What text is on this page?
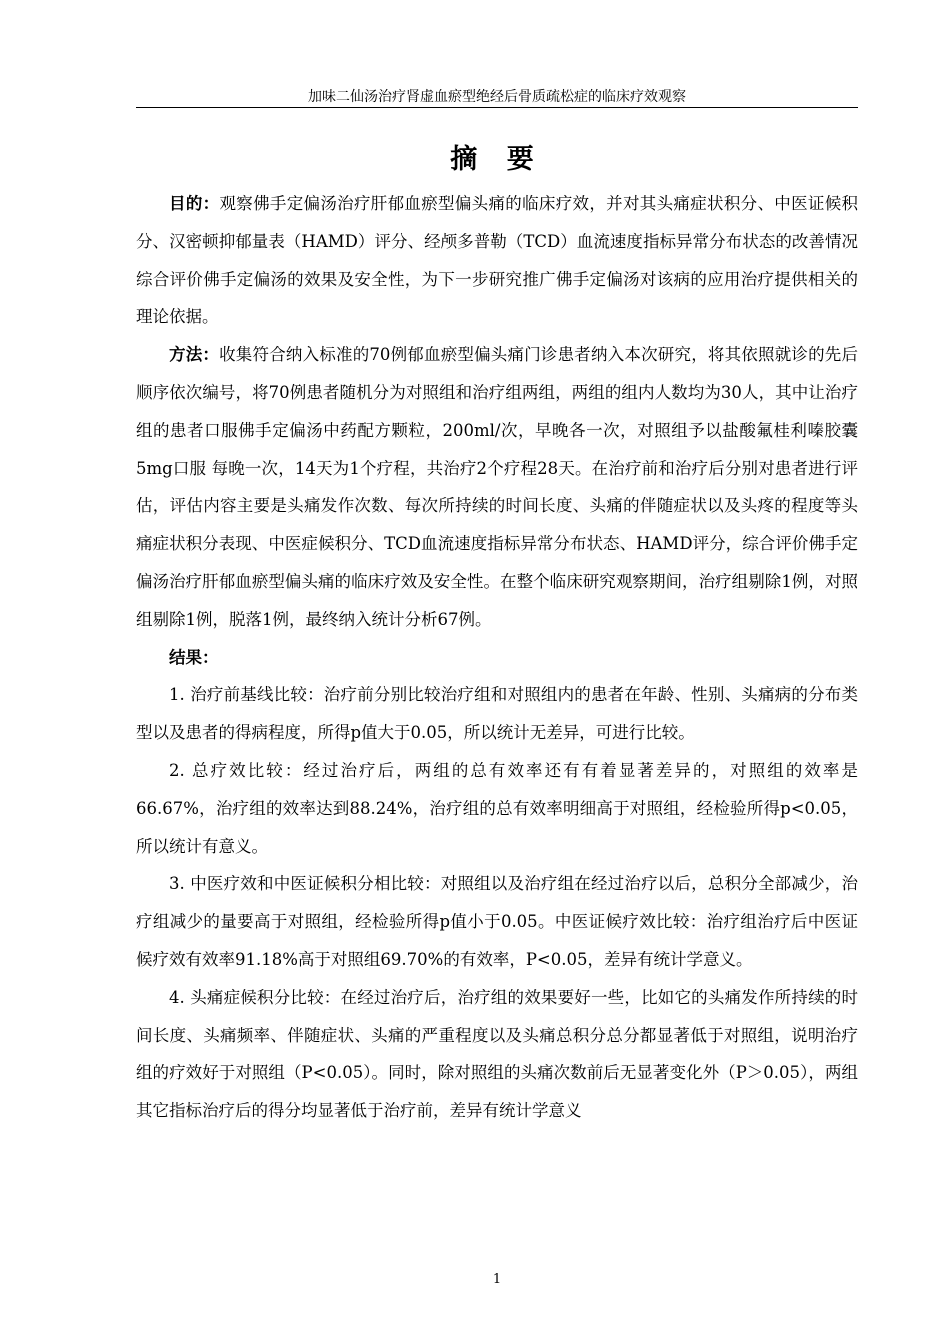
加味二仙汤治疗肾虚血瘀型绝经后骨质疏松症的临床疗效观察
摘 要

目的：观察佛手定偏汤治疗肝郁血瘀型偏头痛的临床疗效，并对其头痛症状积分、中医证候积分、汉密顿抑郁量表（HAMD）评分、经颅多普勒（TCD）血流速度指标异常分布状态的改善情况综合评价佛手定偏汤的效果及安全性，为下一步研究推广佛手定偏汤对该病的应用治疗提供相关的理论依据。

方法：收集符合纳入标准的70例郁血瘀型偏头痛门诊患者纳入本次研究，将其依照就诊的先后顺序依次编号，将70例患者随机分为对照组和治疗组两组，两组的组内人数均为30人，其中让治疗组的患者口服佛手定偏汤中药配方颗粒，200ml/次，早晚各一次，对照组予以盐酸氟桂利嗪胶囊5mg口服 每晚一次，14天为1个疗程，共治疗2个疗程28天。在治疗前和治疗后分别对患者进行评估，评估内容主要是头痛发作次数、每次所持续的时间长度、头痛的伴随症状以及头疼的程度等头痛症状积分表现、中医症候积分、TCD血流速度指标异常分布状态、HAMD评分，综合评价佛手定偏汤治疗肝郁血瘀型偏头痛的临床疗效及安全性。在整个临床研究观察期间，治疗组剔除1例，对照组剔除1例，脱落1例，最终纳入统计分析67例。

结果：

1. 治疗前基线比较：治疗前分别比较治疗组和对照组内的患者在年龄、性别、头痛病的分布类型以及患者的得病程度，所得p值大于0.05，所以统计无差异，可进行比较。

2. 总疗效比较：经过治疗后，两组的总有效率还有有着显著差异的，对照组的效率是66.67%，治疗组的效率达到88.24%，治疗组的总有效率明细高于对照组，经检验所得p<0.05，所以统计有意义。

3. 中医疗效和中医证候积分相比较：对照组以及治疗组在经过治疗以后，总积分全部减少，治疗组减少的量要高于对照组，经检验所得p值小于0.05。中医证候疗效比较：治疗组治疗后中医证候疗效有效率91.18%高于对照组69.70%的有效率，P<0.05，差异有统计学意义。

4. 头痛症候积分比较：在经过治疗后，治疗组的效果要好一些，比如它的头痛发作所持续的时间长度、头痛频率、伴随症状、头痛的严重程度以及头痛总积分总分都显著低于对照组，说明治疗组的疗效好于对照组（P<0.05）。同时，除对照组的头痛次数前后无显著变化外（P＞0.05），两组其它指标治疗后的得分均显著低于治疗前，差异有统计学意义

1
